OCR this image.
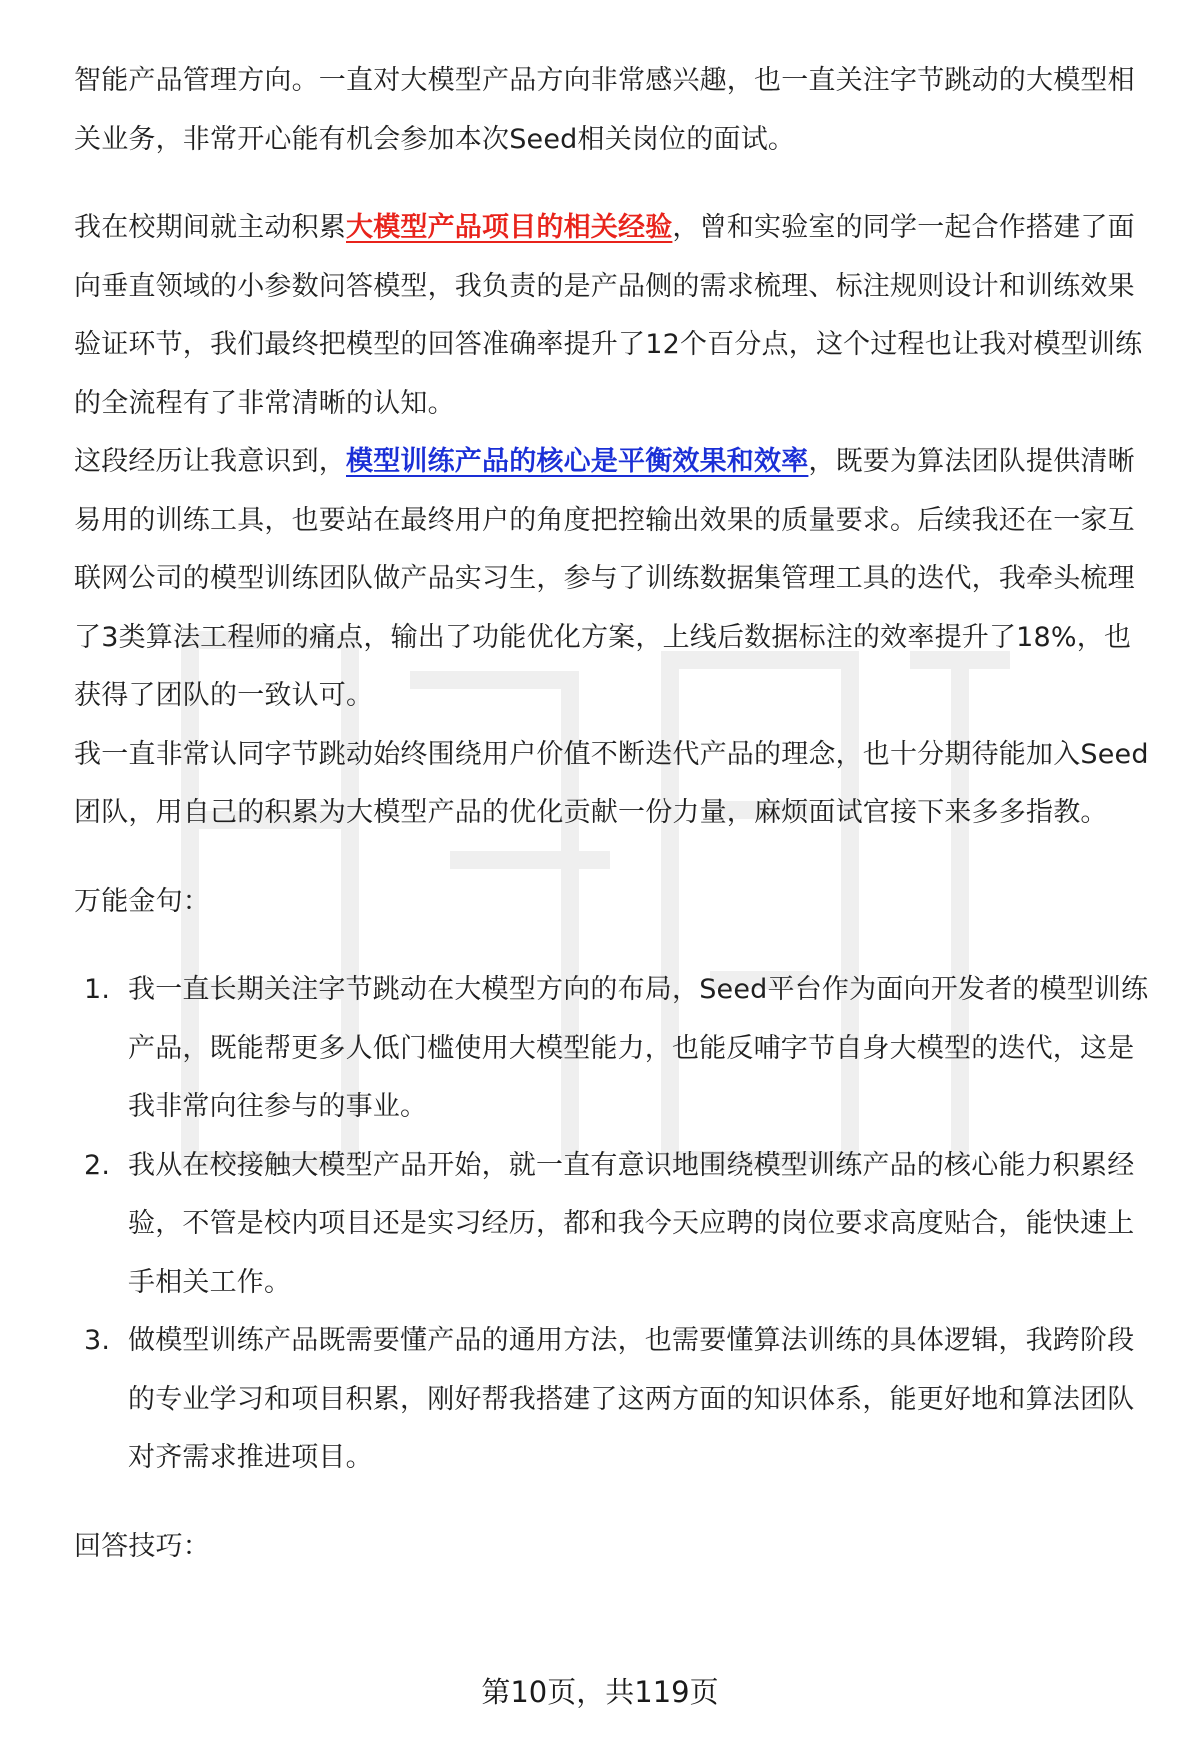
智能产品管理方向。一直对大模型产品方向非常感兴趣，也一直关注字节跳动的大模型相关业务，非常开心能有机会参加本次Seed相关岗位的面试。

我在校期间就主动积累大模型产品项目的相关经验，曾和实验室的同学一起合作搭建了面向垂直领域的小参数问答模型，我负责的是产品侧的需求梳理、标注规则设计和训练效果验证环节，我们最终把模型的回答准确率提升了12个百分点，这个过程也让我对模型训练的全流程有了非常清晰的认知。

这段经历让我意识到，模型训练产品的核心是平衡效果和效率，既要为算法团队提供清晰易用的训练工具，也要站在最终用户的角度把控输出效果的质量要求。后续我还在一家互联网公司的模型训练团队做产品实习生，参与了训练数据集管理工具的迭代，我牵头梳理了3类算法工程师的痛点，输出了功能优化方案，上线后数据标注的效率提升了18%，也获得了团队的一致认可。

我一直非常认同字节跳动始终围绕用户价值不断迭代产品的理念，也十分期待能加入Seed团队，用自己的积累为大模型产品的优化贡献一份力量，麻烦面试官接下来多多指教。

万能金句：

1. 我一直长期关注字节跳动在大模型方向的布局，Seed平台作为面向开发者的模型训练产品，既能帮更多人低门槛使用大模型能力，也能反哺字节自身大模型的迭代，这是我非常向往参与的事业。
2. 我从在校接触大模型产品开始，就一直有意识地围绕模型训练产品的核心能力积累经验，不管是校内项目还是实习经历，都和我今天应聘的岗位要求高度贴合，能快速上手相关工作。
3. 做模型训练产品既需要懂产品的通用方法，也需要懂算法训练的具体逻辑，我跨阶段的专业学习和项目积累，刚好帮我搭建了这两方面的知识体系，能更好地和算法团队对齐需求推进项目。

回答技巧：

第10页，共119页
